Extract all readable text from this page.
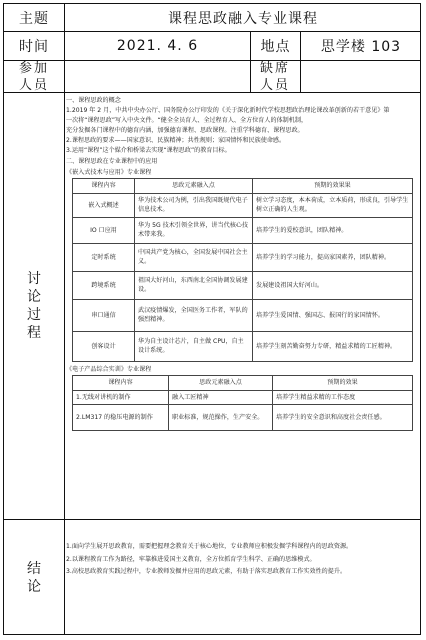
主题	课程思政融入专业课程
时间	2021. 4. 6	地点	思学楼 103
参加人员
缺席人员
讨
论
过
程

一、课程思政的概念

1.2019 年 2 月，中共中央办公厅、国务院办公厅印发的《关于深化新时代学校思想政治理论课改革创新的若干意见》第

一次将“课程思政”写入中央文件。“健全全员育人、全过程育人、全方位育人的体制机制，

充分发掘各门课程中的德育内涵，加强德育课程、思政课程。注重学科德育、课程思政。

2.课程思政的要求——国家意识、民族精神；共性规则；家国情怀和民族使命感。

3.运用“课程”这个媒介和桥梁去实现“课程思政”的教育目标。

二、课程思政在专业课程中的应用

《嵌入式技术与应用》专业课程

课程内容	思政元素融入点	预期的效果果
嵌入式概述	华为技术公司为例，引出我国既规代电子信息技术。	树立学习态度，本本荷成，立本质荷，形成良，引导学生树立正确的人生观。
IO 口应用	华为 5G 技术引领全世界，讲当代核心技术带来我。	培养学生的爱校意识，团队精神。
定时系统	中国共产党为核心，全国发展中国社会主义。	培养学生的学习能力，提高家国素养，团队精神。
跨境系统	祖国大好河山，东西南北全国协调发展建设。	发展建设祖国大好河山。
串口通信	武汉疫情爆发，全国医务工作者，军队的强烈精神。	培养学生爱国情、强国志、报国行的家国情怀。
创客设计	华为自主设计芯片，自主做 CPU，自主设计系统。	培养学生刻苦勤奋努力专研，精益求精的工匠精神。

《电子产品综合实训》专业课程

课程内容	思政元素融入点	预期的效果
1.无线对讲机的制作	融入工匠精神	培养学生精益求精的工作态度
2.LM317 的稳压电源的制作	职业标准，规范操作，生产安全。	培养学生的安全意识和高度社会责任感。
结
论

1.面向学生展开思政教育，需要把握理念教育关于核心地位，专业教师应积极发掘学科课程内的思政资源。

2.以课程教育工作为路径，牢靠推进爱国主义教育，全方位抓育学生科学、正确的思维模式。

3.高校思政教育实践过程中，专业教师发掘并应用的思政元素，有助于落实思政教育工作实效性的提升。
